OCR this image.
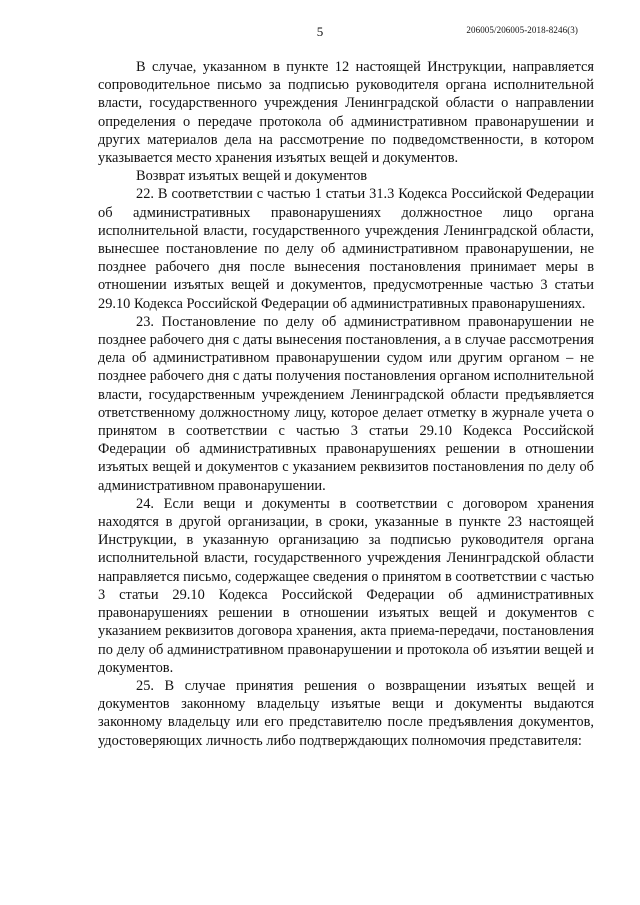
5	206005/206005-2018-8246(3)

В случае, указанном в пункте 12 настоящей Инструкции, направляется сопроводительное письмо за подписью руководителя органа исполнительной власти, государственного учреждения Ленинградской области о направлении определения о передаче протокола об административном правонарушении и других материалов дела на рассмотрение по подведомственности, в котором указывается место хранения изъятых вещей и документов.

Возврат изъятых вещей и документов

22. В соответствии с частью 1 статьи 31.3 Кодекса Российской Федерации об административных правонарушениях должностное лицо органа исполнительной власти, государственного учреждения Ленинградской области, вынесшее постановление по делу об административном правонарушении, не позднее рабочего дня после вынесения постановления принимает меры в отношении изъятых вещей и документов, предусмотренные частью 3 статьи 29.10 Кодекса Российской Федерации об административных правонарушениях.

23. Постановление по делу об административном правонарушении не позднее рабочего дня с даты вынесения постановления, а в случае рассмотрения дела об административном правонарушении судом или другим органом – не позднее рабочего дня с даты получения постановления органом исполнительной власти, государственным учреждением Ленинградской области предъявляется ответственному должностному лицу, которое делает отметку в журнале учета о принятом в соответствии с частью 3 статьи 29.10 Кодекса Российской Федерации об административных правонарушениях решении в отношении изъятых вещей и документов с указанием реквизитов постановления по делу об административном правонарушении.

24. Если вещи и документы в соответствии с договором хранения находятся в другой организации, в сроки, указанные в пункте 23 настоящей Инструкции, в указанную организацию за подписью руководителя органа исполнительной власти, государственного учреждения Ленинградской области направляется письмо, содержащее сведения о принятом в соответствии с частью 3 статьи 29.10 Кодекса Российской Федерации об административных правонарушениях решении в отношении изъятых вещей и документов с указанием реквизитов договора хранения, акта приема-передачи, постановления по делу об административном правонарушении и протокола об изъятии вещей и документов.

25. В случае принятия решения о возвращении изъятых вещей и документов законному владельцу изъятые вещи и документы выдаются законному владельцу или его представителю после предъявления документов, удостоверяющих личность либо подтверждающих полномочия представителя:
